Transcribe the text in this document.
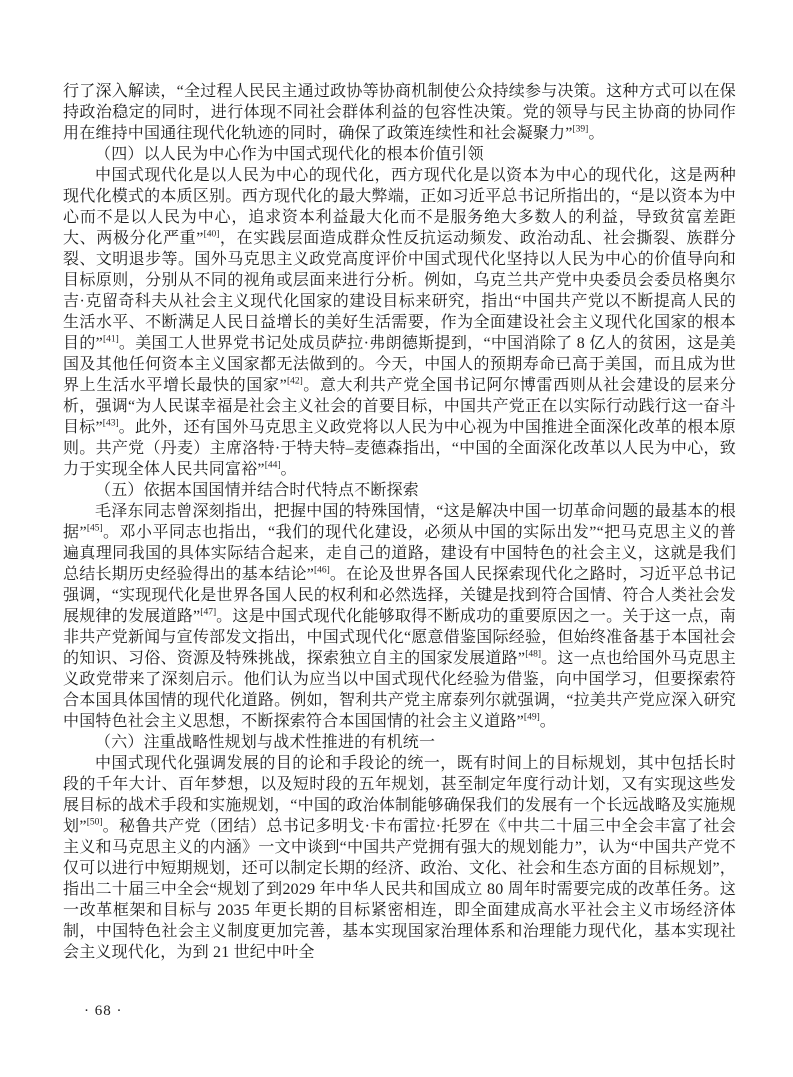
行了深入解读，“全过程人民民主通过政协等协商机制使公众持续参与决策。这种方式可以在保持政治稳定的同时，进行体现不同社会群体利益的包容性决策。党的领导与民主协商的协同作用在维持中国通往现代化轨迹的同时，确保了政策连续性和社会凝聚力”[39]。

（四）以人民为中心作为中国式现代化的根本价值引领

中国式现代化是以人民为中心的现代化，西方现代化是以资本为中心的现代化，这是两种现代化模式的本质区别。西方现代化的最大弊端，正如习近平总书记所指出的，“是以资本为中心而不是以人民为中心，追求资本利益最大化而不是服务绝大多数人的利益，导致贫富差距大、两极分化严重”[40]，在实践层面造成群众性反抗运动频发、政治动乱、社会撕裂、族群分裂、文明退步等。国外马克思主义政党高度评价中国式现代化坚持以人民为中心的价值导向和目标原则，分别从不同的视角或层面来进行分析。例如，乌克兰共产党中央委员会委员格奥尔吉·克留奇科夫从社会主义现代化国家的建设目标来研究，指出“中国共产党以不断提高人民的生活水平、不断满足人民日益增长的美好生活需要，作为全面建设社会主义现代化国家的根本目的”[41]。美国工人世界党书记处成员萨拉·弗朗德斯提到，“中国消除了 8 亿人的贫困，这是美国及其他任何资本主义国家都无法做到的。今天，中国人的预期寿命已高于美国，而且成为世界上生活水平增长最快的国家”[42]。意大利共产党全国书记阿尔博雷西则从社会建设的层来分析，强调“为人民谋幸福是社会主义社会的首要目标，中国共产党正在以实际行动践行这一奋斗目标”[43]。此外，还有国外马克思主义政党将以人民为中心视为中国推进全面深化改革的根本原则。共产党（丹麦）主席洛特·于特夫特–麦德森指出，“中国的全面深化改革以人民为中心，致力于实现全体人民共同富裕”[44]。

（五）依据本国国情并结合时代特点不断探索

毛泽东同志曾深刻指出，把握中国的特殊国情，“这是解决中国一切革命问题的最基本的根据”[45]。邓小平同志也指出，“我们的现代化建设，必须从中国的实际出发”“把马克思主义的普遍真理同我国的具体实际结合起来，走自己的道路，建设有中国特色的社会主义，这就是我们总结长期历史经验得出的基本结论”[46]。在论及世界各国人民探索现代化之路时，习近平总书记强调，“实现现代化是世界各国人民的权利和必然选择，关键是找到符合国情、符合人类社会发展规律的发展道路”[47]。这是中国式现代化能够取得不断成功的重要原因之一。关于这一点，南非共产党新闻与宣传部发文指出，中国式现代化“愿意借鉴国际经验，但始终准备基于本国社会的知识、习俗、资源及特殊挑战，探索独立自主的国家发展道路”[48]。这一点也给国外马克思主义政党带来了深刻启示。他们认为应当以中国式现代化经验为借鉴，向中国学习，但要探索符合本国具体国情的现代化道路。例如，智利共产党主席泰列尔就强调，“拉美共产党应深入研究中国特色社会主义思想，不断探索符合本国国情的社会主义道路”[49]。

（六）注重战略性规划与战术性推进的有机统一

中国式现代化强调发展的目的论和手段论的统一，既有时间上的目标规划，其中包括长时段的千年大计、百年梦想，以及短时段的五年规划，甚至制定年度行动计划，又有实现这些发展目标的战术手段和实施规划，“中国的政治体制能够确保我们的发展有一个长远战略及实施规划”[50]。秘鲁共产党（团结）总书记多明戈·卡布雷拉·托罗在《中共二十届三中全会丰富了社会主义和马克思主义的内涵》一文中谈到“中国共产党拥有强大的规划能力”，认为“中国共产党不仅可以进行中短期规划，还可以制定长期的经济、政治、文化、社会和生态方面的目标规划”，指出二十届三中全会“规划了到2029 年中华人民共和国成立 80 周年时需要完成的改革任务。这一改革框架和目标与 2035 年更长期的目标紧密相连，即全面建成高水平社会主义市场经济体制，中国特色社会主义制度更加完善，基本实现国家治理体系和治理能力现代化，基本实现社会主义现代化，为到 21 世纪中叶全

· 68 ·
